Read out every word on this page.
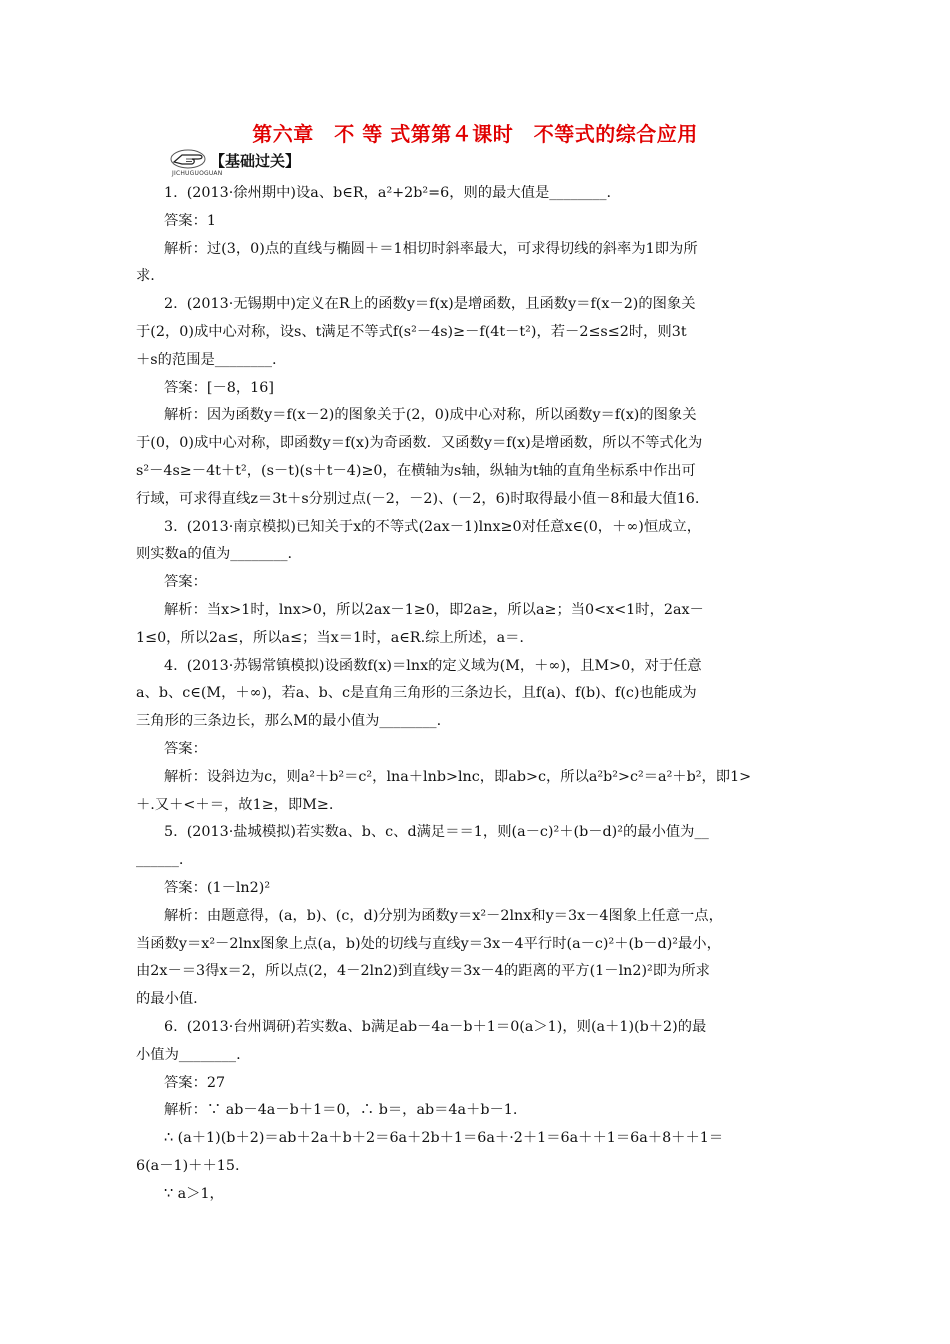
第六章　不 等 式第第４课时　不等式的综合应用
【基础过关】
JICHUGUOGUAN

1.  (2013·徐州期中)设a、b∈R，a²+2b²=6，则的最大值是________.

答案：1

解析：过(3，0)点的直线与椭圆＋＝1相切时斜率最大，可求得切线的斜率为1即为所

求.

2.  (2013·无锡期中)定义在R上的函数y＝f(x)是增函数，且函数y＝f(x－2)的图象关

于(2，0)成中心对称，设s、t满足不等式f(s²－4s)≥－f(4t－t²)，若－2≤s≤2时，则3t

＋s的范围是________.

答案：[－8，16]

解析：因为函数y＝f(x－2)的图象关于(2，0)成中心对称，所以函数y＝f(x)的图象关

于(0，0)成中心对称，即函数y＝f(x)为奇函数．又函数y＝f(x)是增函数，所以不等式化为

s²－4s≥－4t＋t²，(s－t)(s＋t－4)≥0，在横轴为s轴，纵轴为t轴的直角坐标系中作出可

行域，可求得直线z＝3t＋s分别过点(－2，－2)、(－2，6)时取得最小值－8和最大值16.

3.  (2013·南京模拟)已知关于x的不等式(2ax－1)lnx≥0对任意x∈(0，＋∞)恒成立，

则实数a的值为________.

答案：

解析：当x>1时，lnx>0，所以2ax－1≥0，即2a≥，所以a≥；当0<x<1时，2ax－

1≤0，所以2a≤，所以a≤；当x＝1时，a∈R.综上所述，a＝.

4.  (2013·苏锡常镇模拟)设函数f(x)＝lnx的定义域为(M，＋∞)，且M>0，对于任意

a、b、c∈(M，＋∞)，若a、b、c是直角三角形的三条边长，且f(a)、f(b)、f(c)也能成为

三角形的三条边长，那么M的最小值为________.

答案：

解析：设斜边为c，则a²＋b²＝c²，lna＋lnb>lnc，即ab>c，所以a²b²>c²＝a²＋b²，即1>

＋.又＋<＋＝，故1≥，即M≥.

5.  (2013·盐城模拟)若实数a、b、c、d满足＝＝1，则(a－c)²＋(b－d)²的最小值为__

______.

答案：(1－ln2)²

解析：由题意得，(a，b)、(c，d)分别为函数y＝x²－2lnx和y＝3x－4图象上任意一点，

当函数y＝x²－2lnx图象上点(a，b)处的切线与直线y＝3x－4平行时(a－c)²＋(b－d)²最小，

由2x－＝3得x＝2，所以点(2，4－2ln2)到直线y＝3x－4的距离的平方(1－ln2)²即为所求

的最小值.

6.  (2013·台州调研)若实数a、b满足ab－4a－b＋1＝0(a＞1)，则(a＋1)(b＋2)的最

小值为________.

答案：27

解析：∵ ab－4a－b＋1＝0，∴ b＝，ab＝4a＋b－1.

∴ (a＋1)(b＋2)＝ab＋2a＋b＋2＝6a＋2b＋1＝6a＋·2＋1＝6a＋＋1＝6a＋8＋＋1＝

6(a－1)＋＋15.

∵ a＞1，
